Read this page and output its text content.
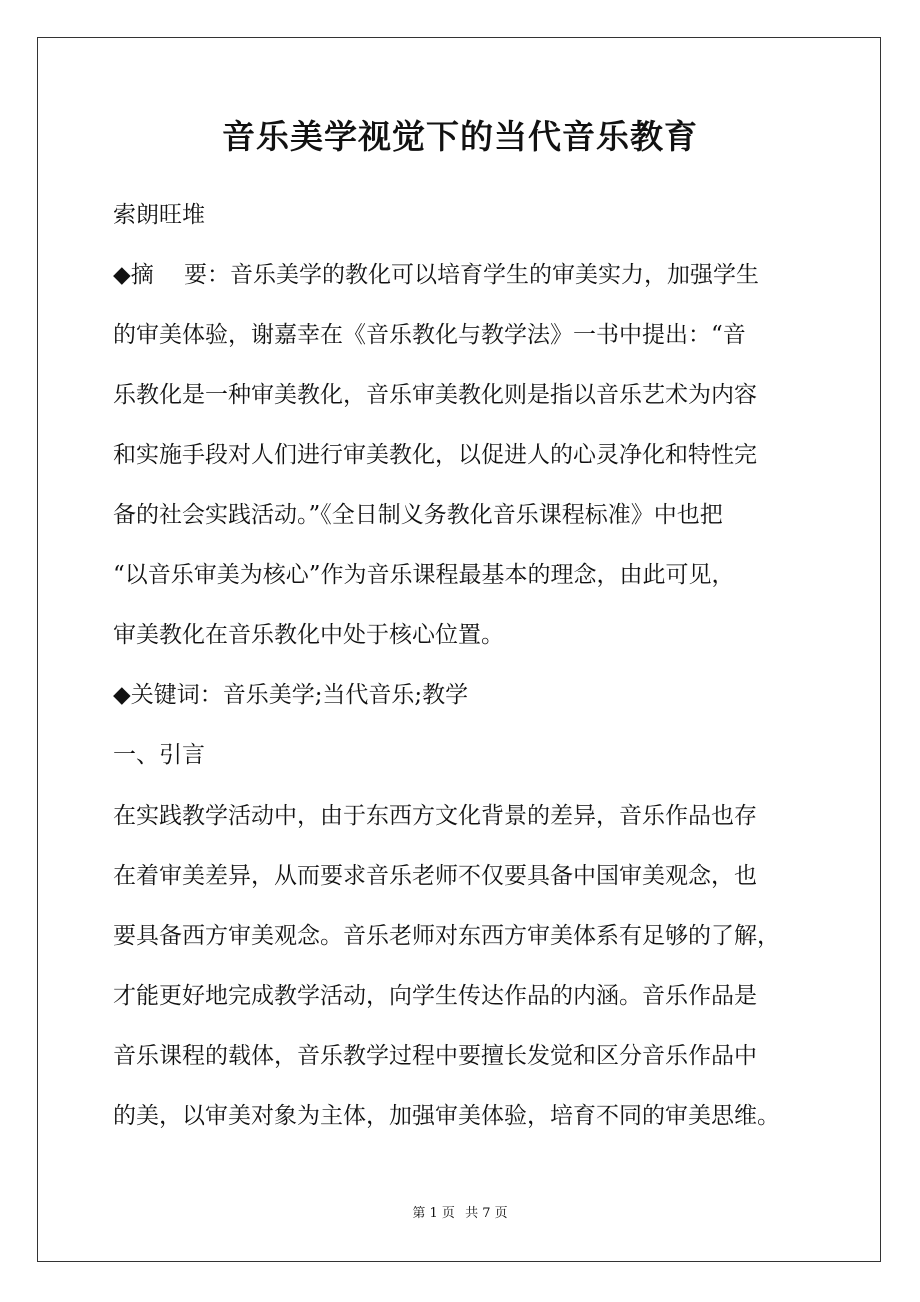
音乐美学视觉下的当代音乐教育
索朗旺堆
◆摘　 要：音乐美学的教化可以培育学生的审美实力，加强学生
的审美体验，谢嘉幸在《音乐教化与教学法》一书中提出：“音
乐教化是一种审美教化，音乐审美教化则是指以音乐艺术为内容
和实施手段对人们进行审美教化，以促进人的心灵净化和特性完
备的社会实践活动。”《全日制义务教化音乐课程标准》中也把
“以音乐审美为核心”作为音乐课程最基本的理念，由此可见，
审美教化在音乐教化中处于核心位置。
◆关键词：音乐美学;当代音乐;教学
一、引言
在实践教学活动中，由于东西方文化背景的差异，音乐作品也存
在着审美差异，从而要求音乐老师不仅要具备中国审美观念，也
要具备西方审美观念。音乐老师对东西方审美体系有足够的了解，
才能更好地完成教学活动，向学生传达作品的内涵。音乐作品是
音乐课程的载体，音乐教学过程中要擅长发觉和区分音乐作品中
的美，以审美对象为主体，加强审美体验，培育不同的审美思维。
第 1 页 共 7 页
